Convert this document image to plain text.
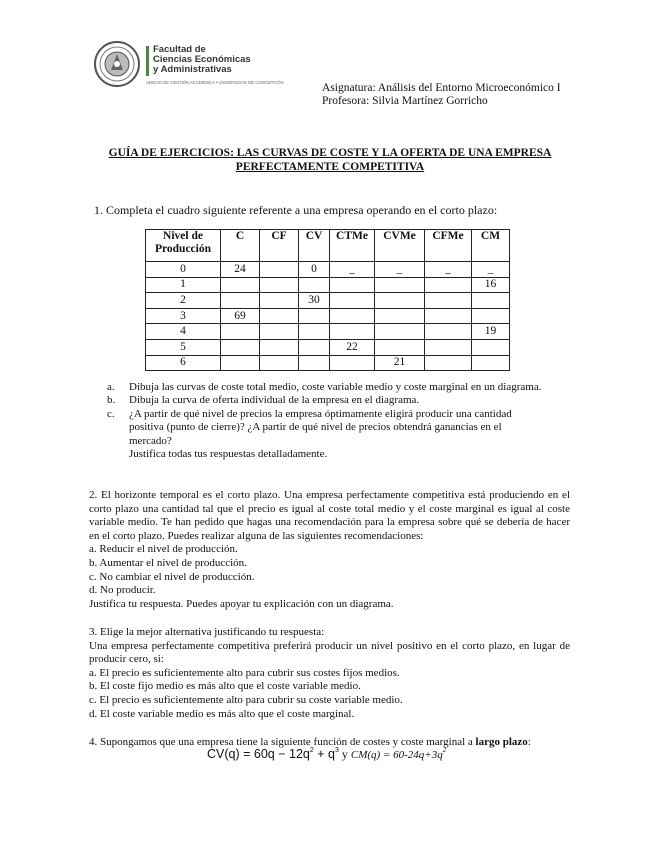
Facultad de
Ciencias Económicas
y Administrativas
UNIDAD DE GESTIÓN ACADÉMICA • UNIVERSIDAD DE CONCEPCIÓN	Asignatura: Análisis del Entorno Microeconómico I
Profesora: Silvia Martínez Gorricho
GUÍA DE EJERCICIOS: LAS CURVAS DE COSTE Y LA OFERTA DE UNA EMPRESA
PERFECTAMENTE COMPETITIVA
1. Completa el cuadro siguiente referente a una empresa operando en el corto plazo:
Nivel de Producción	C	CF	CV	CTMe	CVMe	CFMe	CM
0	24		0	_	_	_	_
1							16
2			30				
3	69						
4							19
5				22			
6					21		
a. Dibuja las curvas de coste total medio, coste variable medio y coste marginal en un diagrama.
b. Dibuja la curva de oferta individual de la empresa en el diagrama.
c. ¿A partir de qué nivel de precios la empresa óptimamente eligirá producir una cantidad positiva (punto de cierre)? ¿A partir de qué nivel de precios obtendrá ganancias en el mercado?
Justifica todas tus respuestas detalladamente.
2. El horizonte temporal es el corto plazo. Una empresa perfectamente competitiva está produciendo en el corto plazo una cantidad tal que el precio es igual al coste total medio y el coste marginal es igual al coste variable medio. Te han pedido que hagas una recomendación para la empresa sobre qué se debería de hacer en el corto plazo. Puedes realizar alguna de las siguientes recomendaciones:
a. Reducir el nivel de producción.
b. Aumentar el nivel de producción.
c. No cambiar el nivel de producción.
d. No producir.
Justifica tu respuesta. Puedes apoyar tu explicación con un diagrama.
3. Elige la mejor alternativa justificando tu respuesta:
Una empresa perfectamente competitiva preferirá producir un nivel positivo en el corto plazo, en lugar de producir cero, si:
a. El precio es suficientemente alto para cubrir sus costes fijos medios.
b. El coste fijo medio es más alto que el coste variable medio.
c. El precio es suficientemente alto para cubrir su coste variable medio.
d. El coste variable medio es más alto que el coste marginal.
4. Supongamos que una empresa tiene la siguiente función de costes y coste marginal a largo plazo:
$CV(q) = 60q - 12q^2 + q^3$ y $CM(q) = 60-24q+3q^2$
